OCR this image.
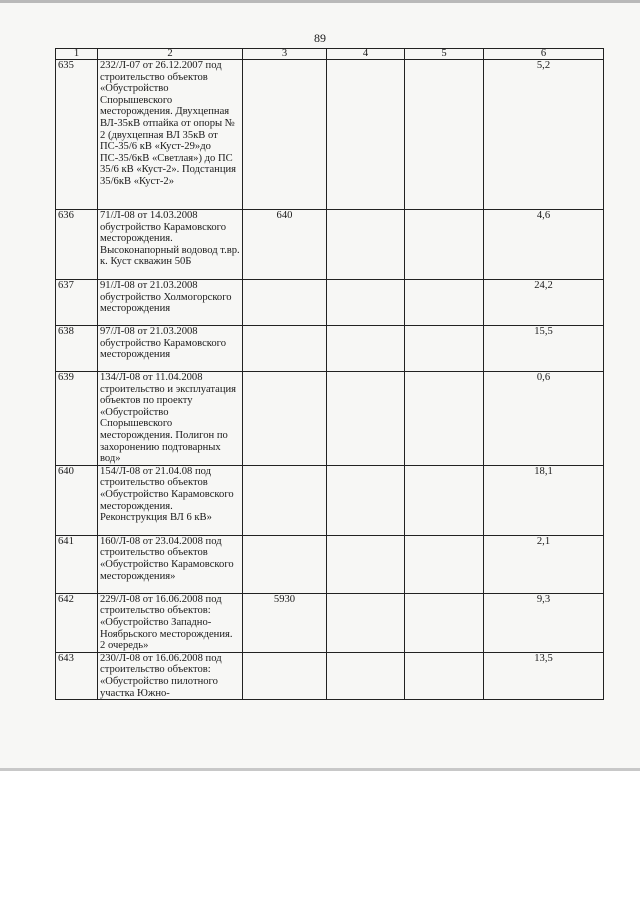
89
1	2	3	4	5	6
635	232/Л-07 от 26.12.2007 под строительство объектов «Обустройство Спорышевского месторождения. Двухцепная ВЛ-35кВ отпайка от опоры № 2 (двухцепная ВЛ 35кВ от ПС-35/6 кВ «Куст-29»до ПС-35/6кВ «Светлая») до ПС 35/6 кВ «Куст-2». Подстанция 35/6кВ «Куст-2»				5,2
636	71/Л-08 от 14.03.2008 обустройство Карамовского месторождения. Высоконапорный водовод т.вр. к. Куст скважин 50Б	640			4,6
637	91/Л-08 от 21.03.2008 обустройство Холмогорского месторождения				24,2
638	97/Л-08 от 21.03.2008 обустройство Карамовского месторождения				15,5
639	134/Л-08 от 11.04.2008 строительство и эксплуатация объектов по проекту «Обустройство Спорышевского месторождения. Полигон по захоронению подтоварных вод»				0,6
640	154/Л-08 от 21.04.08 под строительство объектов «Обустройство Карамовского месторождения. Реконструкция ВЛ 6 кВ»				18,1
641	160/Л-08 от 23.04.2008 под строительство объектов «Обустройство Карамовского месторождения»				2,1
642	229/Л-08 от 16.06.2008 под строительство объектов: «Обустройство Западно-Ноябрьского месторождения. 2 очередь»	5930			9,3
643	230/Л-08 от 16.06.2008 под строительство объектов: «Обустройство пилотного участка Южно-				13,5
